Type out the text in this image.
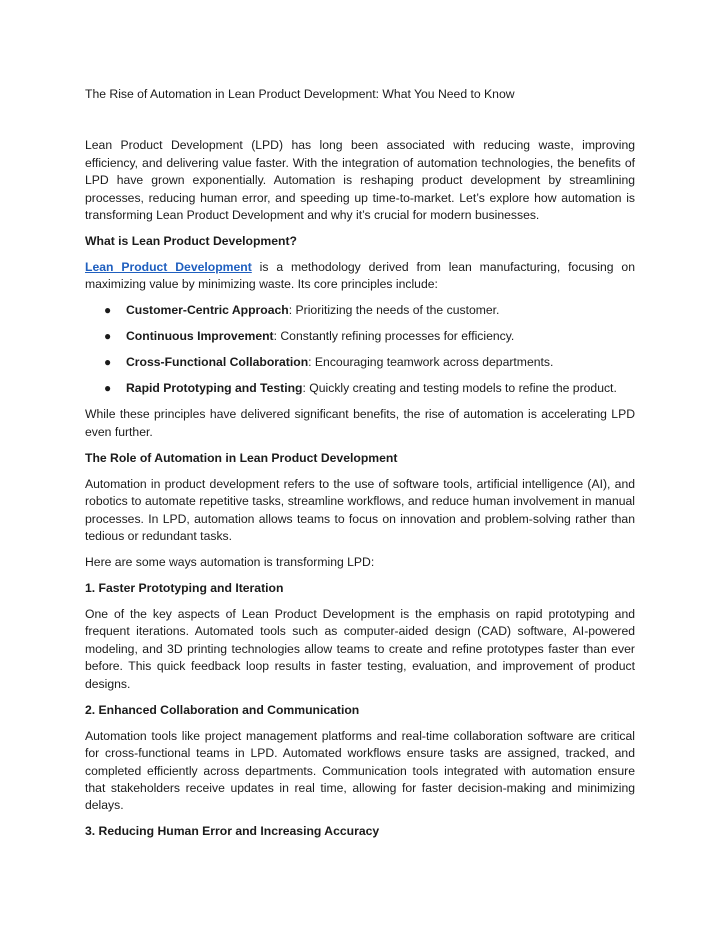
The Rise of Automation in Lean Product Development: What You Need to Know

Lean Product Development (LPD) has long been associated with reducing waste, improving efficiency, and delivering value faster. With the integration of automation technologies, the benefits of LPD have grown exponentially. Automation is reshaping product development by streamlining processes, reducing human error, and speeding up time-to-market. Let’s explore how automation is transforming Lean Product Development and why it’s crucial for modern businesses.

What is Lean Product Development?

Lean Product Development is a methodology derived from lean manufacturing, focusing on maximizing value by minimizing waste. Its core principles include:

● Customer-Centric Approach: Prioritizing the needs of the customer.
● Continuous Improvement: Constantly refining processes for efficiency.
● Cross-Functional Collaboration: Encouraging teamwork across departments.
● Rapid Prototyping and Testing: Quickly creating and testing models to refine the product.

While these principles have delivered significant benefits, the rise of automation is accelerating LPD even further.

The Role of Automation in Lean Product Development

Automation in product development refers to the use of software tools, artificial intelligence (AI), and robotics to automate repetitive tasks, streamline workflows, and reduce human involvement in manual processes. In LPD, automation allows teams to focus on innovation and problem-solving rather than tedious or redundant tasks.

Here are some ways automation is transforming LPD:

1. Faster Prototyping and Iteration

One of the key aspects of Lean Product Development is the emphasis on rapid prototyping and frequent iterations. Automated tools such as computer-aided design (CAD) software, AI-powered modeling, and 3D printing technologies allow teams to create and refine prototypes faster than ever before. This quick feedback loop results in faster testing, evaluation, and improvement of product designs.

2. Enhanced Collaboration and Communication

Automation tools like project management platforms and real-time collaboration software are critical for cross-functional teams in LPD. Automated workflows ensure tasks are assigned, tracked, and completed efficiently across departments. Communication tools integrated with automation ensure that stakeholders receive updates in real time, allowing for faster decision-making and minimizing delays.

3. Reducing Human Error and Increasing Accuracy
